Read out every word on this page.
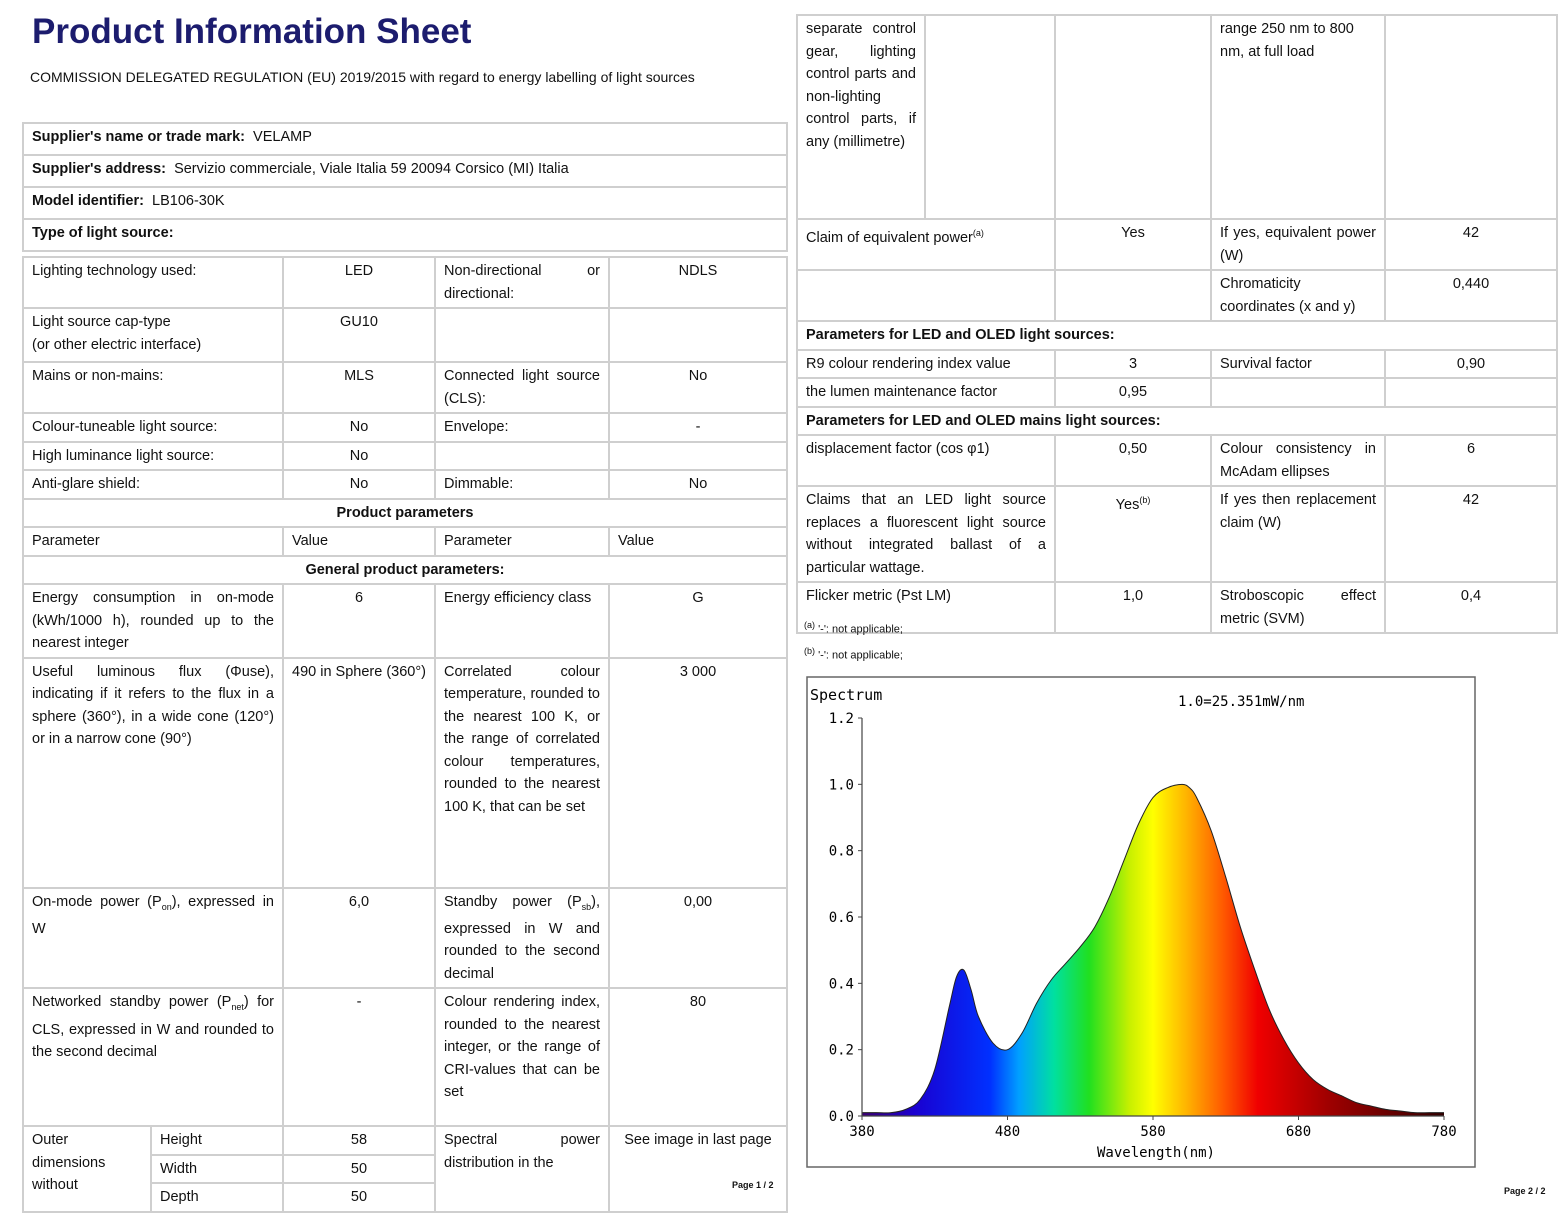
Product Information Sheet
COMMISSION DELEGATED REGULATION (EU) 2019/2015 with regard to energy labelling of light sources
Supplier's name or trade mark: VELAMP
Supplier's address: Servizio commerciale, Viale Italia 59 20094 Corsico (MI) Italia
Model identifier: LB106-30K
Type of light source:
Lighting technology used:		LED	Non-directional or directional:	NDLS

Light source cap-type
(or other electric interface)		GU10		
Mains or non-mains:		MLS	Connected light source (CLS):	No
Colour-tuneable light source:		No	Envelope:	-
High luminance light source:		No		
Anti-glare shield:		No	Dimmable:	No
Product parameters				
Parameter		Value	Parameter	Value
General product parameters:				
Energy consumption in on-mode (kWh/1000 h), rounded up to the nearest integer		6	Energy efficiency class	G
Useful luminous flux (Φuse), indicating if it refers to the flux in a sphere (360°), in a wide cone (120°) or in a narrow cone (90°)		490 in Sphere (360°)	Correlated colour temperature, rounded to the nearest 100 K, or the range of correlated colour temperatures, rounded to the nearest 100 K, that can be set	3 000
On-mode power $(P_{on})$, expressed in W		6,0	Standby power $(P_{sb})$, expressed in W and rounded to the second decimal	0,00
Networked standby power $(P_{net})$ for CLS, expressed in W and rounded to the second decimal		-	Colour rendering index, rounded to the nearest integer, or the range of CRI-values that can be set	80
Outer dimensions without	Height	58	Spectral power distribution in the	See image in last page
	Width	50		
	Depth	50		
Page 1 / 2
separate control gear, lighting control parts and non-lighting control parts, if any (millimetre)			range 250 nm to 800 nm, at full load	
Claim of equivalent power$^{(a)}$		Yes	If yes, equivalent power (W)	42
			Chromaticity coordinates (x and y)	0,440
Parameters for LED and OLED light sources:				
R9 colour rendering index value		3	Survival factor	0,90
the lumen maintenance factor		0,95		
Parameters for LED and OLED mains light sources:				
displacement factor (cos φ1)		0,50	Colour consistency in McAdam ellipses	6
Claims that an LED light source replaces a fluorescent light source without integrated ballast of a particular wattage.		Yes$^{(b)}$	If yes then replacement claim (W)	42
Flicker metric (Pst LM)		1,0	Stroboscopic effect metric (SVM)	0,4
$^{(a)}$ '-': not applicable;
$^{(b)}$ '-': not applicable;
Spectrum	1.0=25.351mW/nm
0.0
0.2
0.4
0.6
0.8
1.0
1.2
380	480	580	680	780
Wavelength(nm)
Page 2 / 2
